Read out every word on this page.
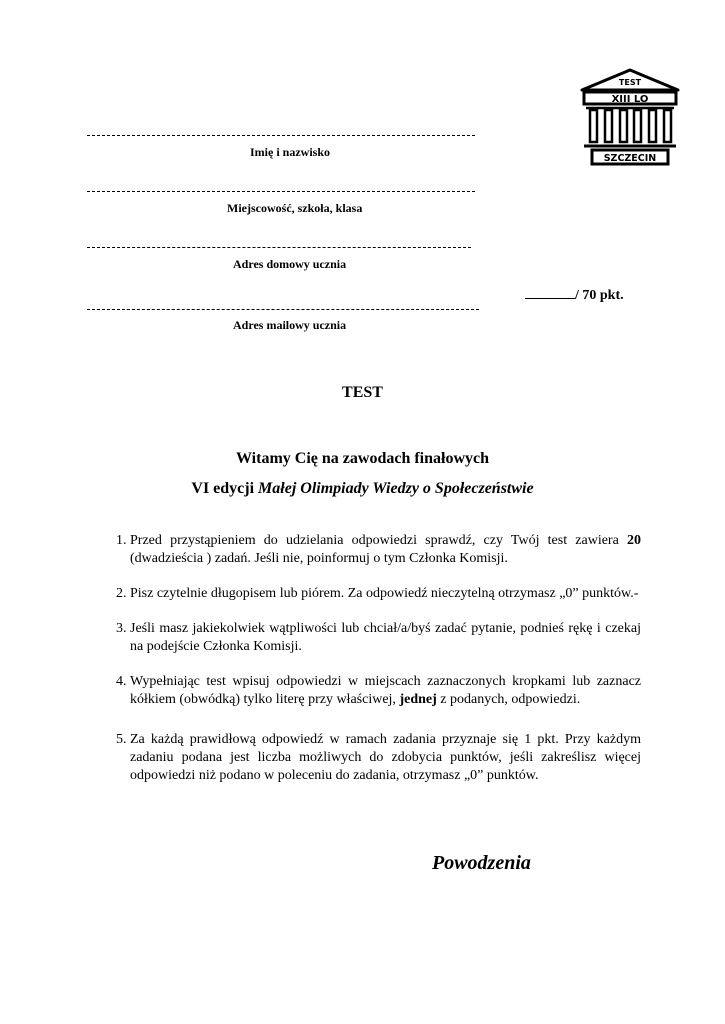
TEST
XIII LO
SZCZECIN
Imię i nazwisko
Miejscowość, szkoła, klasa
Adres domowy ucznia
/ 70 pkt.
Adres mailowy ucznia
TEST
Witamy Cię na zawodach finałowych
VI edycji Małej Olimpiady Wiedzy o Społeczeństwie
1. Przed przystąpieniem do udzielania odpowiedzi sprawdź, czy Twój test zawiera 20 (dwadzieścia ) zadań. Jeśli nie, poinformuj o tym Członka Komisji.
2. Pisz czytelnie długopisem lub piórem. Za odpowiedź nieczytelną otrzymasz „0” punktów.-
3. Jeśli masz jakiekolwiek wątpliwości lub chciał/a/byś zadać pytanie, podnieś rękę i czekaj na podejście Członka Komisji.
4. Wypełniając test wpisuj odpowiedzi w miejscach zaznaczonych kropkami lub zaznacz kółkiem (obwódką) tylko literę przy właściwej, jednej z podanych, odpowiedzi.
5. Za każdą prawidłową odpowiedź w ramach zadania przyznaje się 1 pkt. Przy każdym zadaniu podana jest liczba możliwych do zdobycia punktów, jeśli zakreślisz więcej odpowiedzi niż podano w poleceniu do zadania, otrzymasz „0” punktów.
Powodzenia
